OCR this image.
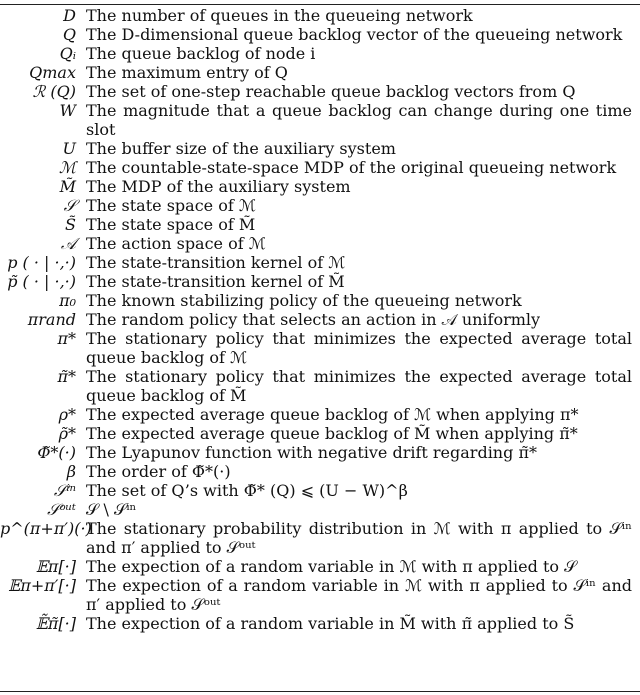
D The number of queues in the queueing network
Q The D-dimensional queue backlog vector of the queueing network
Qᵢ The queue backlog of node i
Qmax The maximum entry of Q
ℛ (Q) The set of one-step reachable queue backlog vectors from Q
W The magnitude that a queue backlog can change during one time slot
U The buffer size of the auxiliary system
ℳ The countable-state-space MDP of the original queueing network
M̃ The MDP of the auxiliary system
𝒮 The state space of ℳ
S̃ The state space of M̃
𝒜 The action space of ℳ
p ( · | ·,·) The state-transition kernel of ℳ
p̃ ( · | ·,·) The state-transition kernel of M̃
π₀ The known stabilizing policy of the queueing network
πrand The random policy that selects an action in 𝒜 uniformly
π* The stationary policy that minimizes the expected average total queue backlog of ℳ
π̃* The stationary policy that minimizes the expected average total queue backlog of M̃
ρ* The expected average queue backlog of ℳ when applying π*
ρ̃* The expected average queue backlog of M̃ when applying π̃*
Φ̃*(·) The Lyapunov function with negative drift regarding π̃*
β The order of Φ̃*(·)
𝒮ⁱⁿ The set of Q’s with Φ̃* (Q) ⩽ (U − W)^β
𝒮ᵒᵘᵗ 𝒮 \ 𝒮ⁱⁿ
p^(π+π′)(·)
The stationary probability distribution in ℳ with π applied to 𝒮ⁱⁿ and π′ applied to 𝒮ᵒᵘᵗ
𝔼π[·] The expection of a random variable in ℳ with π applied to 𝒮
𝔼π+π′[·] The expection of a random variable in ℳ with π applied to 𝒮ⁱⁿ and π′ applied to 𝒮ᵒᵘᵗ
𝔼̃π̃[·] The expection of a random variable in M̃ with π̃ applied to S̃
